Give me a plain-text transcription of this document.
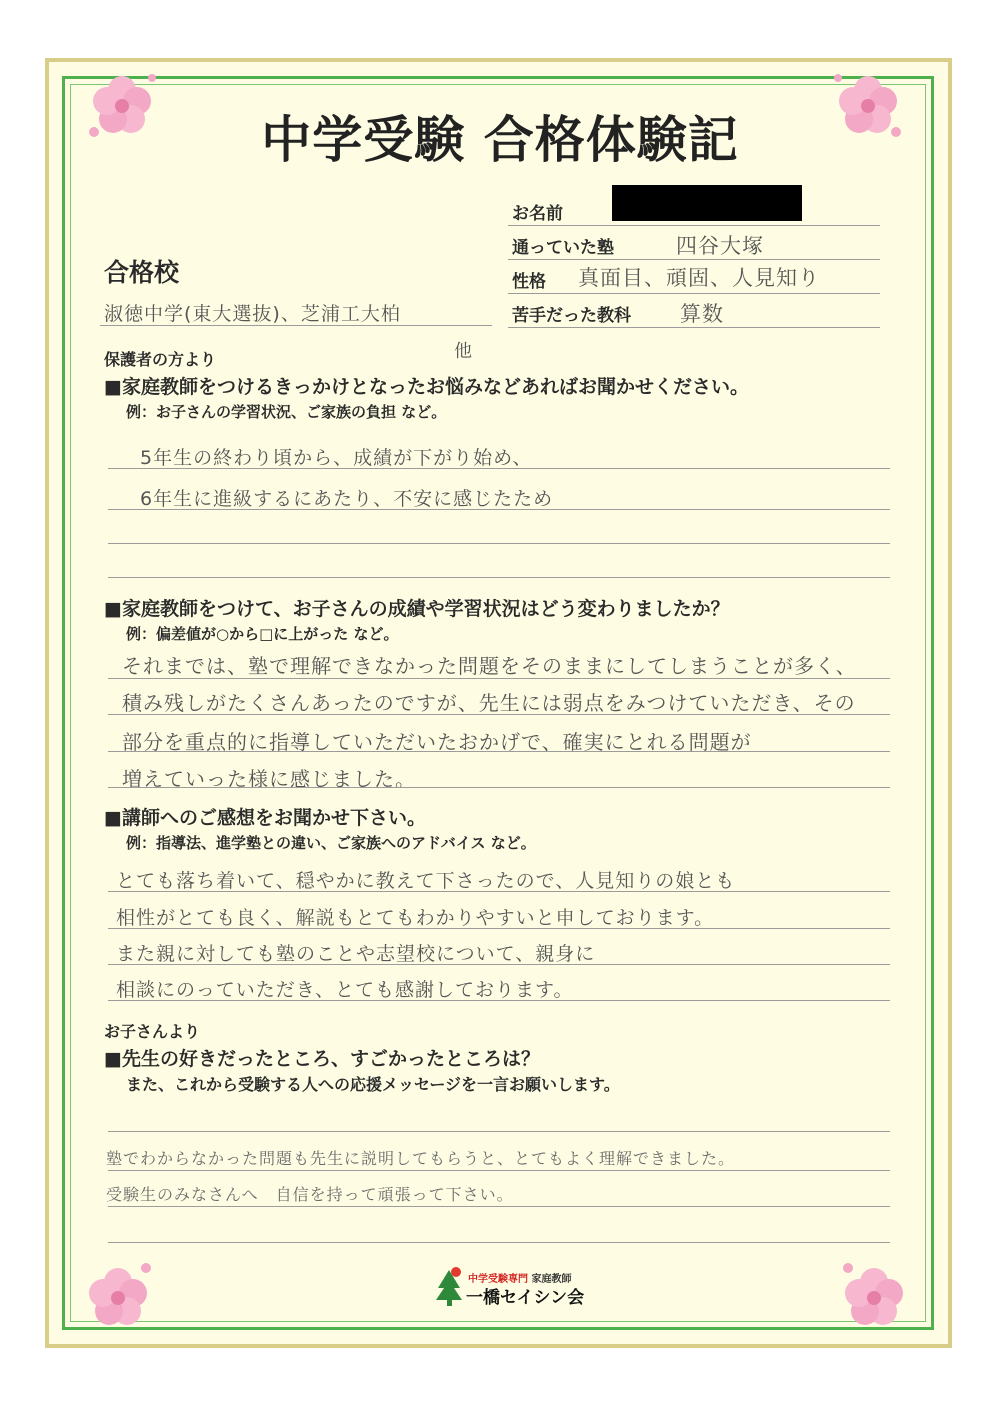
中学受験 合格体験記
お名前
通っていた塾	四谷大塚
性格 真面目、頑固、人見知り
苦手だった教科 算数
合格校
淑徳中学(東大選抜)、芝浦工大柏
他
保護者の方より
■家庭教師をつけるきっかけとなったお悩みなどあればお聞かせください。
例：お子さんの学習状況、ご家族の負担 など。
5年生の終わり頃から、成績が下がり始め、
6年生に進級するにあたり、不安に感じたため
■家庭教師をつけて、お子さんの成績や学習状況はどう変わりましたか？
例：偏差値が○から□に上がった など。
それまでは、塾で理解できなかった問題をそのままにしてしまうことが多く、
積み残しがたくさんあったのですが、先生には弱点をみつけていただき、その
部分を重点的に指導していただいたおかげで、確実にとれる問題が
増えていった様に感じました。
■講師へのご感想をお聞かせ下さい。
例：指導法、進学塾との違い、ご家族へのアドバイス など。
とても落ち着いて、穏やかに教えて下さったので、人見知りの娘とも
相性がとても良く、解説もとてもわかりやすいと申しております。
また親に対しても塾のことや志望校について、親身に
相談にのっていただき、とても感謝しております。
お子さんより
■先生の好きだったところ、すごかったところは？
また、これから受験する人への応援メッセージを一言お願いします。
塾でわからなかった問題も先生に説明してもらうと、とてもよく理解できました。
受験生のみなさんへ　自信を持って頑張って下さい。
中学受験専門 家庭教師
一橋セイシン会
